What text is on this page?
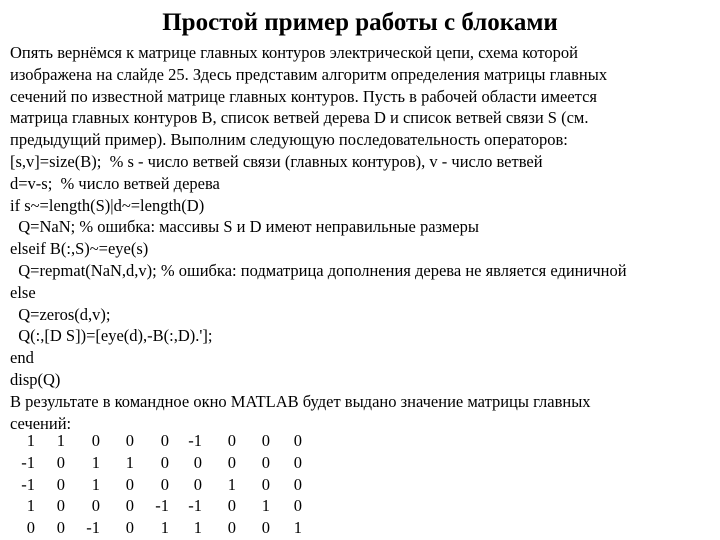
Простой пример работы с блоками
Опять вернёмся к матрице главных контуров электрической цепи, схема которой
изображена на слайде 25. Здесь представим алгоритм определения матрицы главных
сечений по известной матрице главных контуров. Пусть в рабочей области имеется
матрица главных контуров B, список ветвей дерева D и список ветвей связи S (см.
предыдущий пример). Выполним следующую последовательность операторов:
[s,v]=size(B);  % s - число ветвей связи (главных контуров), v - число ветвей
d=v-s;  % число ветвей дерева
if s~=length(S)|d~=length(D)
Q=NaN; % ошибка: массивы S и D имеют неправильные размеры
elseif B(:,S)~=eye(s)
Q=repmat(NaN,d,v); % ошибка: подматрица дополнения дерева не является единичной
else
Q=zeros(d,v);
Q(:,[D S])=[eye(d),-B(:,D).'];
end
disp(Q)
В результате в командное окно MATLAB будет выдано значение матрицы главных
сечений:
1	1	0	0	0	-1	0	0	0
-1	0	1	1	0	0	0	0	0
-1	0	1	0	0	0	1	0	0
1	0	0	0	-1	-1	0	1	0
0	0	-1	0	1	1	0	0	1
